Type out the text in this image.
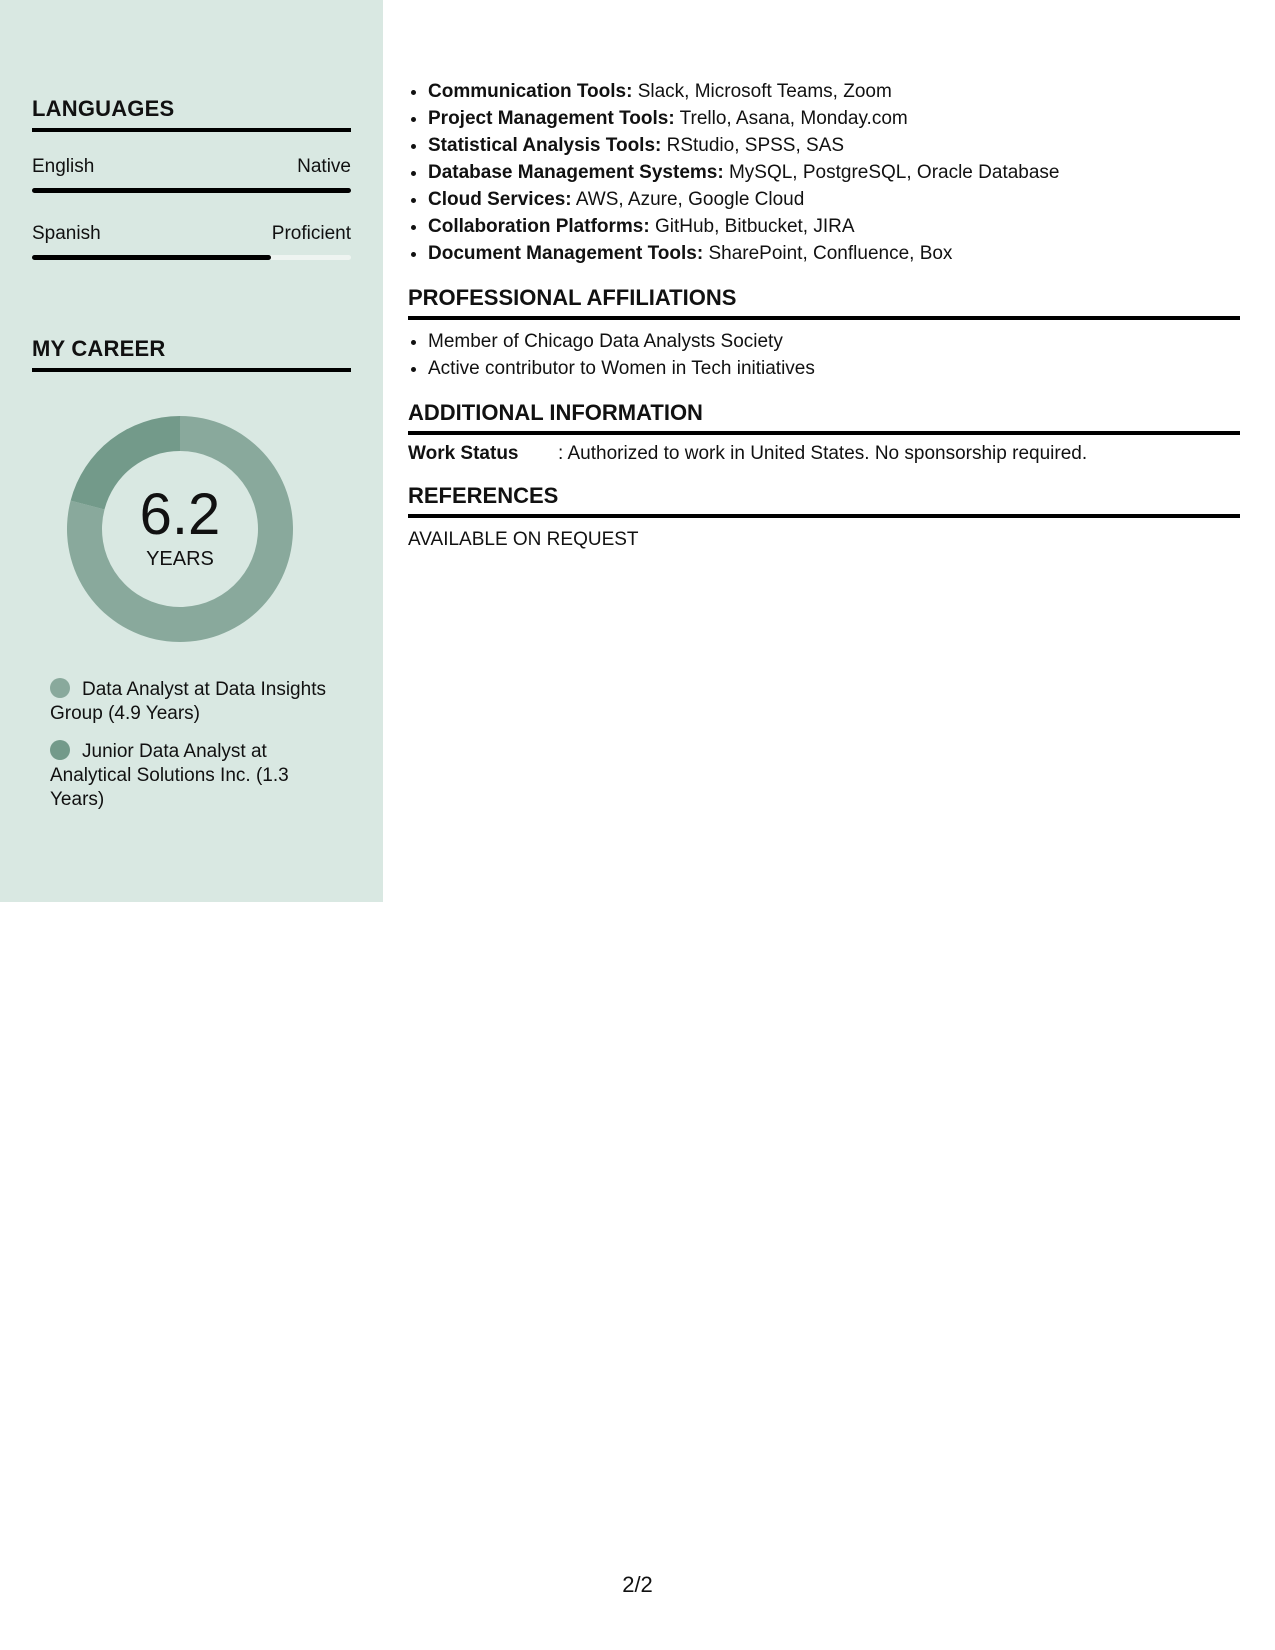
LANGUAGES
English	Native
Spanish	Proficient
MY CAREER
6.2
YEARS
Data Analyst at Data Insights Group (4.9 Years)
Junior Data Analyst at Analytical Solutions Inc. (1.3 Years)
• Communication Tools: Slack, Microsoft Teams, Zoom
• Project Management Tools: Trello, Asana, Monday.com
• Statistical Analysis Tools: RStudio, SPSS, SAS
• Database Management Systems: MySQL, PostgreSQL, Oracle Database
• Cloud Services: AWS, Azure, Google Cloud
• Collaboration Platforms: GitHub, Bitbucket, JIRA
• Document Management Tools: SharePoint, Confluence, Box
PROFESSIONAL AFFILIATIONS
• Member of Chicago Data Analysts Society
• Active contributor to Women in Tech initiatives
ADDITIONAL INFORMATION
Work Status	: Authorized to work in United States. No sponsorship required.
REFERENCES
AVAILABLE ON REQUEST
2/2
